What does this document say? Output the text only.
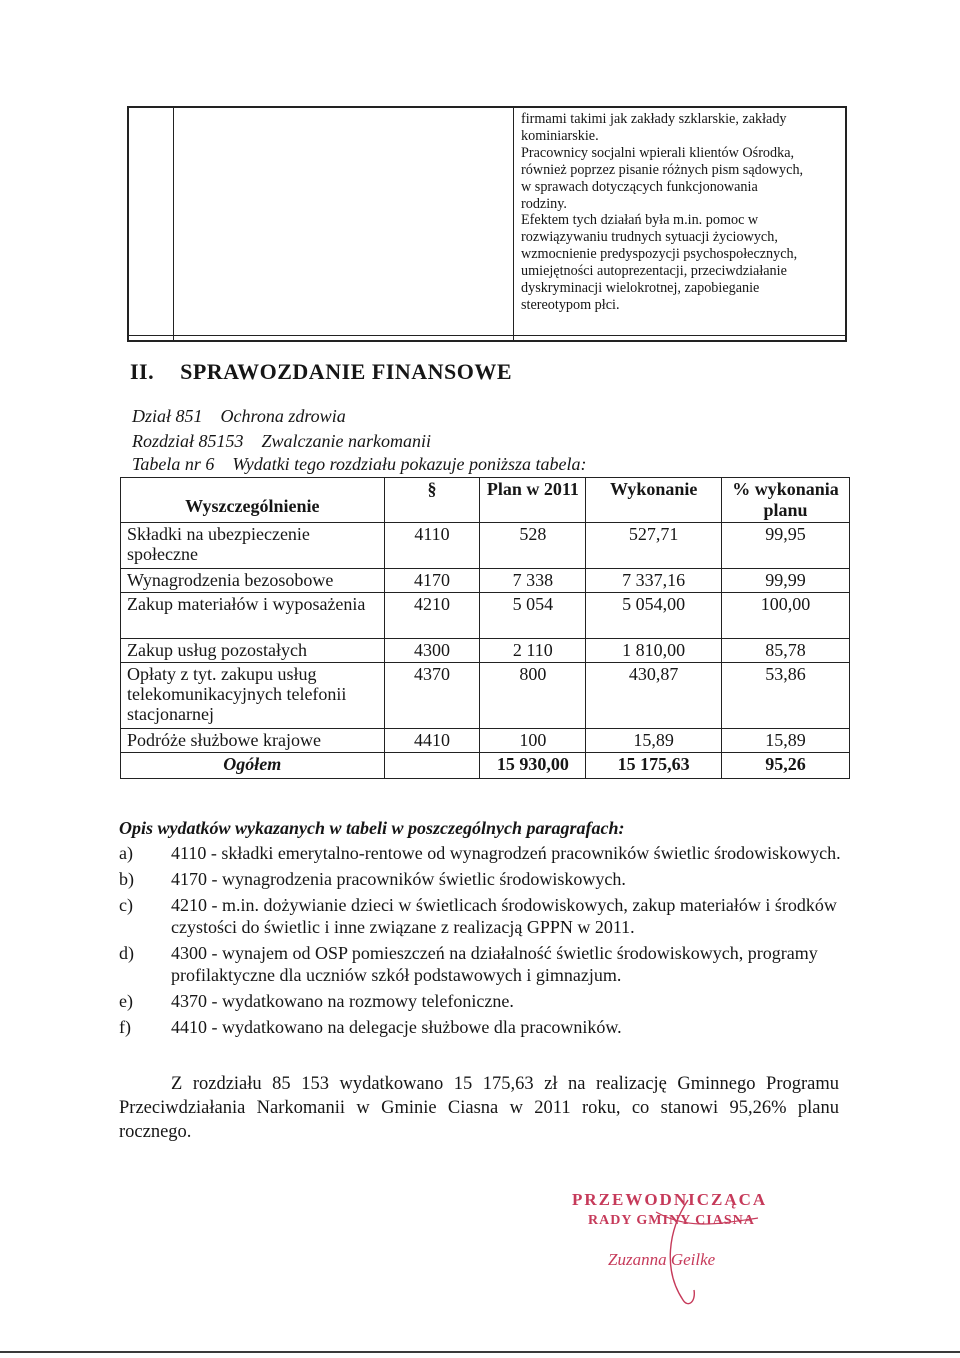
firmami takimi jak zakłady szklarskie, zakłady
kominiarskie.
Pracownicy socjalni wpierali klientów Ośrodka,
również poprzez pisanie różnych pism sądowych,
w sprawach dotyczących funkcjonowania
rodziny.
Efektem tych działań była m.in. pomoc w
rozwiązywaniu trudnych sytuacji życiowych,
wzmocnienie predyspozycji psychospołecznych,
umiejętności autoprezentacji, przeciwdziałanie
dyskryminacji wielokrotnej, zapobieganie
stereotypom płci.
II. SPRAWOZDANIE FINANSOWE
Dział 851 Ochrona zdrowia
Rozdział 85153 Zwalczanie narkomanii
Tabela nr 6 Wydatki tego rozdziału pokazuje poniższa tabela:
Wyszczególnienie	§	Plan w 2011	Wykonanie	% wykonania
planu

Składki na ubezpieczenie społeczne	4110	528	527,71	99,95
Wynagrodzenia bezosobowe	4170	7 338	7 337,16	99,99
Zakup materiałów i wyposażenia	4210	5 054	5 054,00	100,00
Zakup usług pozostałych	4300	2 110	1 810,00	85,78
Opłaty z tyt. zakupu usług telekomunikacyjnych telefonii stacjonarnej	4370	800	430,87	53,86
Podróże służbowe krajowe	4410	100	15,89	15,89
Ogółem		15 930,00	15 175,63	95,26
Opis wydatków wykazanych w tabeli w poszczególnych paragrafach:
a) 4110 - składki emerytalno-rentowe od wynagrodzeń pracowników świetlic środowiskowych.
b) 4170 - wynagrodzenia pracowników świetlic środowiskowych.
c) 4210 - m.in. dożywianie dzieci w świetlicach środowiskowych, zakup materiałów i środków czystości do świetlic i inne związane z realizacją GPPN w 2011.
d) 4300 - wynajem od OSP pomieszczeń na działalność świetlic środowiskowych, programy profilaktyczne dla uczniów szkół podstawowych i gimnazjum.
e) 4370 - wydatkowano na rozmowy telefoniczne.
f) 4410 - wydatkowano na delegacje służbowe dla pracowników.
Z rozdziału 85 153 wydatkowano 15 175,63 zł na realizację Gminnego Programu Przeciwdziałania Narkomanii w Gminie Ciasna w 2011 roku, co stanowi 95,26% planu rocznego.
PRZEWODNICZĄCA
RADY GMINY CIASNA
Zuzanna Geilke
